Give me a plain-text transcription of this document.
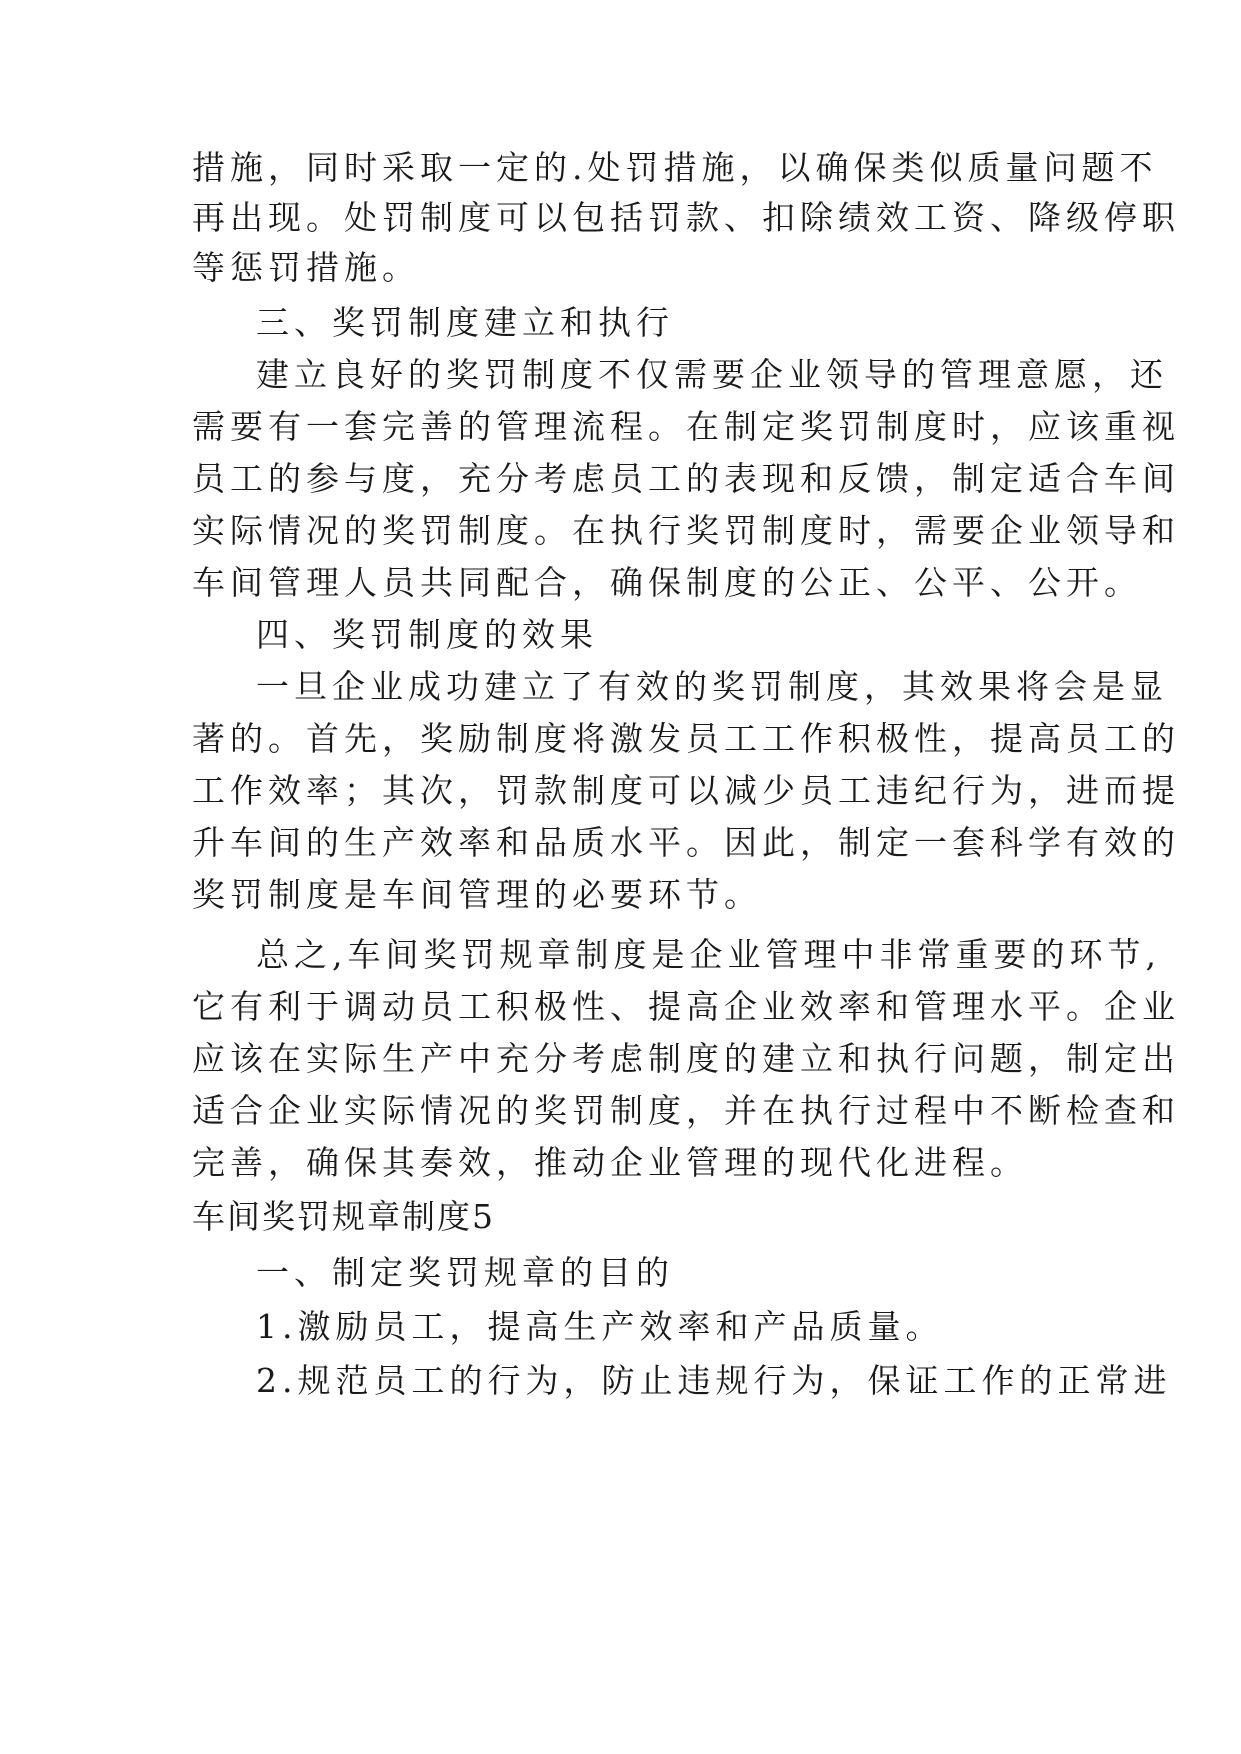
措施，同时采取一定的.处罚措施，以确保类似质量问题不
再出现。处罚制度可以包括罚款、扣除绩效工资、降级停职
等惩罚措施。
三、奖罚制度建立和执行
建立良好的奖罚制度不仅需要企业领导的管理意愿，还
需要有一套完善的管理流程。在制定奖罚制度时，应该重视
员工的参与度，充分考虑员工的表现和反馈，制定适合车间
实际情况的奖罚制度。在执行奖罚制度时，需要企业领导和
车间管理人员共同配合，确保制度的公正、公平、公开。
四、奖罚制度的效果
一旦企业成功建立了有效的奖罚制度，其效果将会是显
著的。首先，奖励制度将激发员工工作积极性，提高员工的
工作效率；其次，罚款制度可以减少员工违纪行为，进而提
升车间的生产效率和品质水平。因此，制定一套科学有效的
奖罚制度是车间管理的必要环节。
总之,车间奖罚规章制度是企业管理中非常重要的环节,
它有利于调动员工积极性、提高企业效率和管理水平。企业
应该在实际生产中充分考虑制度的建立和执行问题，制定出
适合企业实际情况的奖罚制度，并在执行过程中不断检查和
完善，确保其奏效，推动企业管理的现代化进程。
车间奖罚规章制度5
一、制定奖罚规章的目的
1.激励员工，提高生产效率和产品质量。
2.规范员工的行为，防止违规行为，保证工作的正常进
